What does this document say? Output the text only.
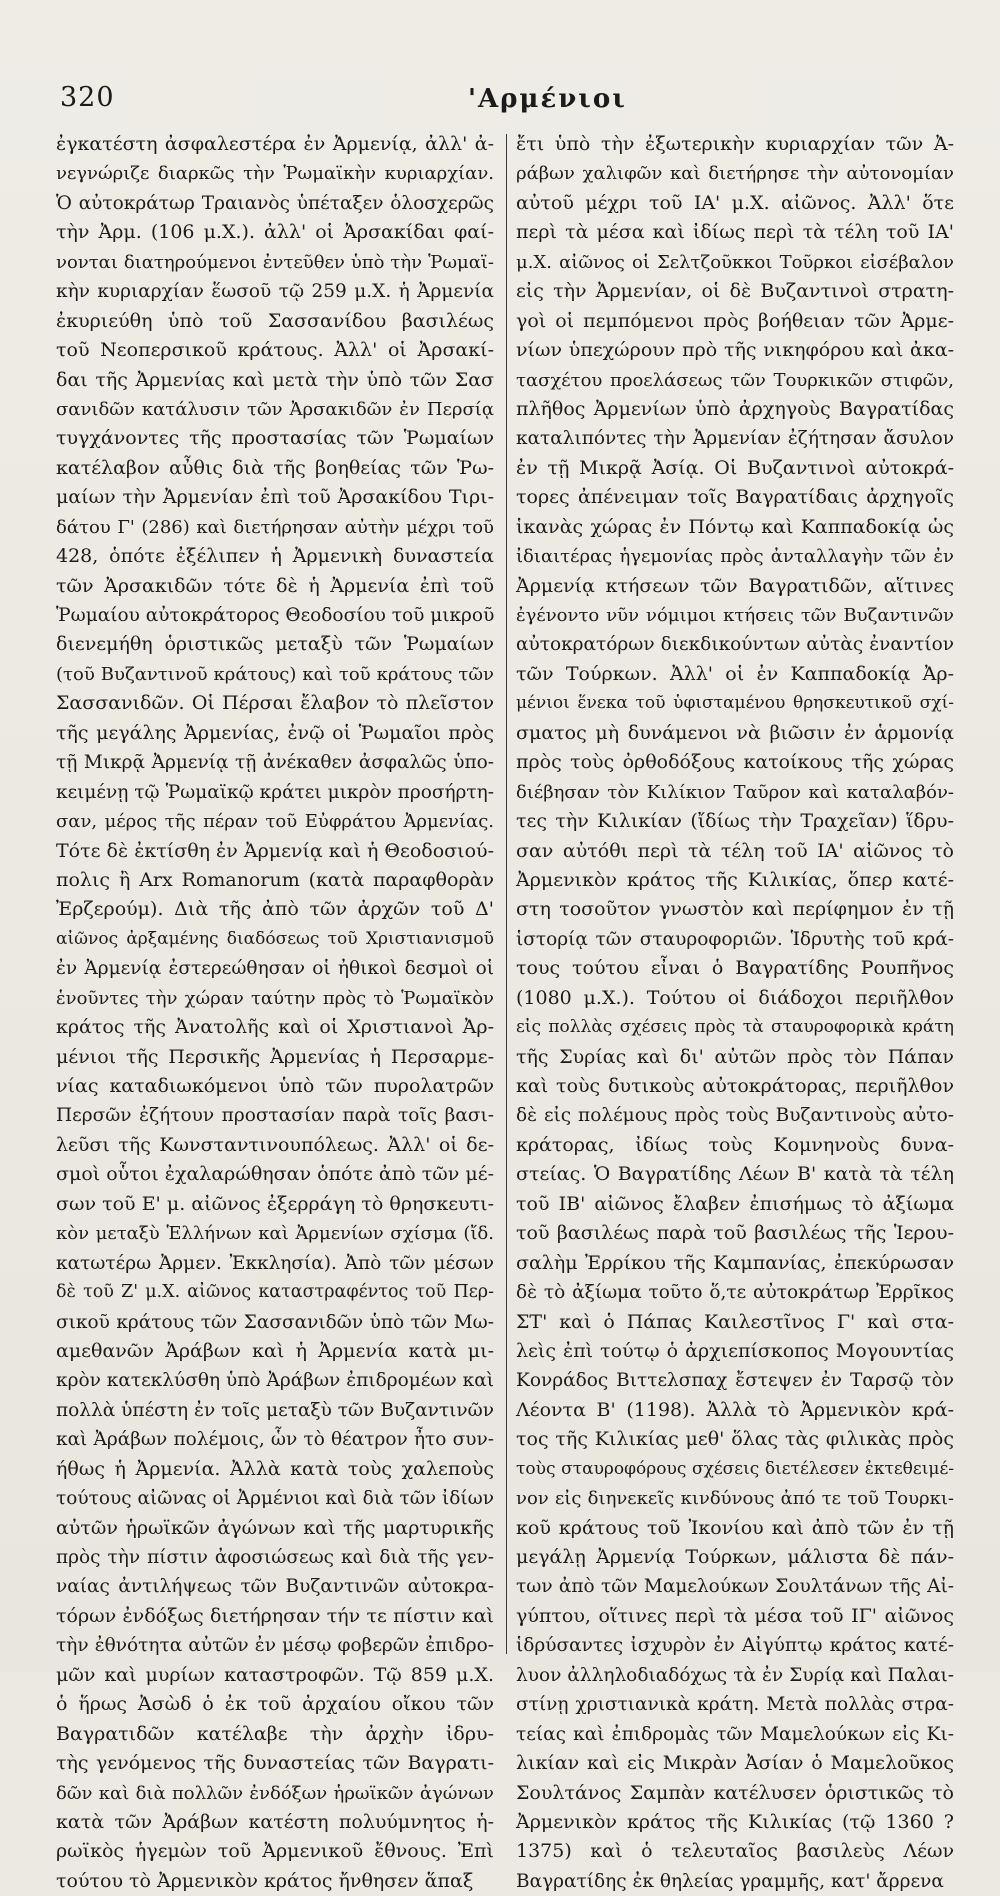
320	'Αρμένιοι
ἐγκατέστη ἀσφαλεστέρα ἐν Ἀρμενίᾳ, ἀλλ' ἀ-
νεγνώριζε διαρκῶς τὴν Ῥωμαϊκὴν κυριαρχίαν.
Ὁ αὐτοκράτωρ Τραιανὸς ὑπέταξεν ὁλοσχερῶς
τὴν Ἀρμ. (106 μ.Χ.). ἀλλ' οἱ Ἀρσακίδαι φαί-
νονται διατηρούμενοι ἐντεῦθεν ὑπὸ τὴν Ῥωμαϊ-
κὴν κυριαρχίαν ἕωσοῦ τῷ 259 μ.Χ. ἡ Ἀρμενία
ἐκυριεύθη ὑπὸ τοῦ Σασσανίδου βασιλέως
τοῦ Νεοπερσικοῦ κράτους. Ἀλλ' οἱ Ἀρσακί-
δαι τῆς Ἀρμενίας καὶ μετὰ τὴν ὑπὸ τῶν Σασ
σανιδῶν κατάλυσιν τῶν Ἀρσακιδῶν ἐν Περσίᾳ
τυγχάνοντες τῆς προστασίας τῶν Ῥωμαίων
κατέλαβον αὖθις διὰ τῆς βοηθείας τῶν Ῥω-
μαίων τὴν Ἀρμενίαν ἐπὶ τοῦ Ἀρσακίδου Τιρι-
δάτου Γ' (286) καὶ διετήρησαν αὐτὴν μέχρι τοῦ
428, ὁπότε ἐξέλιπεν ἡ Ἀρμενικὴ δυναστεία
τῶν Ἀρσακιδῶν τότε δὲ ἡ Ἀρμενία ἐπὶ τοῦ
Ῥωμαίου αὐτοκράτορος Θεοδοσίου τοῦ μικροῦ
διενεμήθη ὁριστικῶς μεταξὺ τῶν Ῥωμαίων
(τοῦ Βυζαντινοῦ κράτους) καὶ τοῦ κράτους τῶν
Σασσανιδῶν. Οἱ Πέρσαι ἔλαβον τὸ πλεῖστον
τῆς μεγάλης Ἀρμενίας, ἐνῷ οἱ Ῥωμαῖοι πρὸς
τῇ Μικρᾷ Ἀρμενίᾳ τῇ ἀνέκαθεν ἀσφαλῶς ὑπο-
κειμένῃ τῷ Ῥωμαϊκῷ κράτει μικρὸν προσήρτη-
σαν, μέρος τῆς πέραν τοῦ Εὐφράτου Ἀρμενίας.
Τότε δὲ ἐκτίσθη ἐν Ἀρμενίᾳ καὶ ἡ Θεοδοσιού-
πολις ἢ Arx Romanorum (κατὰ παραφθορὰν
Ἐρζερούμ). Διὰ τῆς ἀπὸ τῶν ἀρχῶν τοῦ Δ'
αἰῶνος ἀρξαμένης διαδόσεως τοῦ Χριστιανισμοῦ
ἐν Ἀρμενίᾳ ἐστερεώθησαν οἱ ἠθικοὶ δεσμοὶ οἱ
ἑνοῦντες τὴν χώραν ταύτην πρὸς τὸ Ῥωμαϊκὸν
κράτος τῆς Ἀνατολῆς καὶ οἱ Χριστιανοὶ Ἀρ-
μένιοι τῆς Περσικῆς Ἀρμενίας ἡ Περσαρμε-
νίας καταδιωκόμενοι ὑπὸ τῶν πυρολατρῶν
Περσῶν ἐζήτουν προστασίαν παρὰ τοῖς βασι-
λεῦσι τῆς Κωνσταντινουπόλεως. Ἀλλ' οἱ δε-
σμοὶ οὗτοι ἐχαλαρώθησαν ὁπότε ἀπὸ τῶν μέ-
σων τοῦ Ε' μ. αἰῶνος ἐξερράγη τὸ θρησκευτι-
κὸν μεταξὺ Ἑλλήνων καὶ Ἀρμενίων σχίσμα (ἴδ.
κατωτέρω Ἀρμεν. Ἐκκλησία). Ἀπὸ τῶν μέσων
δὲ τοῦ Ζ' μ.Χ. αἰῶνος καταστραφέντος τοῦ Περ-
σικοῦ κράτους τῶν Σασσανιδῶν ὑπὸ τῶν Μω-
αμεθανῶν Ἀράβων καὶ ἡ Ἀρμενία κατὰ μι-
κρὸν κατεκλύσθη ὑπὸ Ἀράβων ἐπιδρομέων καὶ
πολλὰ ὑπέστη ἐν τοῖς μεταξὺ τῶν Βυζαντινῶν
καὶ Ἀράβων πολέμοις, ὧν τὸ θέατρον ἦτο συν-
ήθως ἡ Ἀρμενία. Ἀλλὰ κατὰ τοὺς χαλεποὺς
τούτους αἰῶνας οἱ Ἀρμένιοι καὶ διὰ τῶν ἰδίων
αὐτῶν ἡρωϊκῶν ἀγώνων καὶ τῆς μαρτυρικῆς
πρὸς τὴν πίστιν ἀφοσιώσεως καὶ διὰ τῆς γεν-
ναίας ἀντιλήψεως τῶν Βυζαντινῶν αὐτοκρα-
τόρων ἐνδόξως διετήρησαν τήν τε πίστιν καὶ
τὴν ἐθνότητα αὐτῶν ἐν μέσῳ φοβερῶν ἐπιδρο-
μῶν καὶ μυρίων καταστροφῶν. Τῷ 859 μ.Χ.
ὁ ἥρως Ἀσὼδ ὁ ἐκ τοῦ ἀρχαίου οἴκου τῶν
Βαγρατιδῶν κατέλαβε τὴν ἀρχὴν ἰδρυ-
τὴς γενόμενος τῆς δυναστείας τῶν Βαγρατι-
δῶν καὶ διὰ πολλῶν ἐνδόξων ἡρωϊκῶν ἀγώνων
κατὰ τῶν Ἀράβων κατέστη πολυύμνητος ἡ-
ρωϊκὸς ἡγεμὼν τοῦ Ἀρμενικοῦ ἔθνους. Ἐπὶ
τούτου τὸ Ἀρμενικὸν κράτος ἤνθησεν ἅπαξ
ἔτι ὑπὸ τὴν ἐξωτερικὴν κυριαρχίαν τῶν Ἀ-
ράβων χαλιφῶν καὶ διετήρησε τὴν αὐτονομίαν
αὐτοῦ μέχρι τοῦ ΙΑ' μ.Χ. αἰῶνος. Ἀλλ' ὅτε
περὶ τὰ μέσα καὶ ἰδίως περὶ τὰ τέλη τοῦ ΙΑ'
μ.Χ. αἰῶνος οἱ Σελτζοῦκκοι Τοῦρκοι εἰσέβαλον
εἰς τὴν Ἀρμενίαν, οἱ δὲ Βυζαντινοὶ στρατη-
γοὶ οἱ πεμπόμενοι πρὸς βοήθειαν τῶν Ἀρμε-
νίων ὑπεχώρουν πρὸ τῆς νικηφόρου καὶ ἀκα-
τασχέτου προελάσεως τῶν Τουρκικῶν στιφῶν,
πλῆθος Ἀρμενίων ὑπὸ ἀρχηγοὺς Βαγρατίδας
καταλιπόντες τὴν Ἀρμενίαν ἐζήτησαν ἄσυλον
ἐν τῇ Μικρᾷ Ἀσίᾳ. Οἱ Βυζαντινοὶ αὐτοκρά-
τορες ἀπένειμαν τοῖς Βαγρατίδαις ἀρχηγοῖς
ἱκανὰς χώρας ἐν Πόντῳ καὶ Καππαδοκίᾳ ὡς
ἰδιαιτέρας ἡγεμονίας πρὸς ἀνταλλαγὴν τῶν ἐν
Ἀρμενίᾳ κτήσεων τῶν Βαγρατιδῶν, αἵτινες
ἐγένοντο νῦν νόμιμοι κτήσεις τῶν Βυζαντινῶν
αὐτοκρατόρων διεκδικούντων αὐτὰς ἐναντίον
τῶν Τούρκων. Ἀλλ' οἱ ἐν Καππαδοκίᾳ Ἀρ-
μένιοι ἕνεκα τοῦ ὑφισταμένου θρησκευτικοῦ σχί-
σματος μὴ δυνάμενοι νὰ βιῶσιν ἐν ἁρμονίᾳ
πρὸς τοὺς ὀρθοδόξους κατοίκους τῆς χώρας
διέβησαν τὸν Κιλίκιον Ταῦρον καὶ καταλαβόν-
τες τὴν Κιλικίαν (ἴδίως τὴν Τραχεῖαν) ἵδρυ-
σαν αὐτόθι περὶ τὰ τέλη τοῦ ΙΑ' αἰῶνος τὸ
Ἀρμενικὸν κράτος τῆς Κιλικίας, ὅπερ κατέ-
στη τοσοῦτον γνωστὸν καὶ περίφημον ἐν τῇ
ἱστορίᾳ τῶν σταυροφοριῶν. Ἱδρυτὴς τοῦ κρά-
τους τούτου εἶναι ὁ Βαγρατίδης Ρουπῆνος
(1080 μ.Χ.). Τούτου οἱ διάδοχοι περιῆλθον
εἰς πολλὰς σχέσεις πρὸς τὰ σταυροφορικὰ κράτη
τῆς Συρίας καὶ δι' αὐτῶν πρὸς τὸν Πάπαν
καὶ τοὺς δυτικοὺς αὐτοκράτορας, περιῆλθον
δὲ εἰς πολέμους πρὸς τοὺς Βυζαντινοὺς αὐτο-
κράτορας, ἰδίως τοὺς Κομνηνοὺς δυνα-
στείας. Ὁ Βαγρατίδης Λέων Β' κατὰ τὰ τέλη
τοῦ ΙΒ' αἰῶνος ἔλαβεν ἐπισήμως τὸ ἀξίωμα
τοῦ βασιλέως παρὰ τοῦ βασιλέως τῆς Ἱερου-
σαλὴμ Ἐρρίκου τῆς Καμπανίας, ἐπεκύρωσαν
δὲ τὸ ἀξίωμα τοῦτο ὅ,τε αὐτοκράτωρ Ἐρρῖκος
ΣΤ' καὶ ὁ Πάπας Καιλεστῖνος Γ' καὶ στα-
λεὶς ἐπὶ τούτῳ ὁ ἀρχιεπίσκοπος Μογουντίας
Κονράδος Βιττελσπαχ ἔστεψεν ἐν Ταρσῷ τὸν
Λέοντα Β' (1198). Ἀλλὰ τὸ Ἀρμενικὸν κρά-
τος τῆς Κιλικίας μεθ' ὅλας τὰς φιλικὰς πρὸς
τοὺς σταυροφόρους σχέσεις διετέλεσεν ἐκτεθειμέ-
νον εἰς διηνεκεῖς κινδύνους ἀπό τε τοῦ Τουρκι-
κοῦ κράτους τοῦ Ἰκονίου καὶ ἀπὸ τῶν ἐν τῇ
μεγάλῃ Ἀρμενίᾳ Τούρκων, μάλιστα δὲ πάν-
των ἀπὸ τῶν Μαμελούκων Σουλτάνων τῆς Αἰ-
γύπτου, οἵτινες περὶ τὰ μέσα τοῦ ΙΓ' αἰῶνος
ἱδρύσαντες ἰσχυρὸν ἐν Αἰγύπτῳ κράτος κατέ-
λυον ἀλληλοδιαδόχως τὰ ἐν Συρίᾳ καὶ Παλαι-
στίνῃ χριστιανικὰ κράτη. Μετὰ πολλὰς στρα-
τείας καὶ ἐπιδρομὰς τῶν Μαμελούκων εἰς Κι-
λικίαν καὶ εἰς Μικρὰν Ἀσίαν ὁ Μαμελοῦκος
Σουλτάνος Σαμπὰν κατέλυσεν ὁριστικῶς τὸ
Ἀρμενικὸν κράτος τῆς Κιλικίας (τῷ 1360 ?
1375) καὶ ὁ τελευταῖος βασιλεὺς Λέων
Βαγρατίδης ἐκ θηλείας γραμμῆς, κατ' ἄρρενα
